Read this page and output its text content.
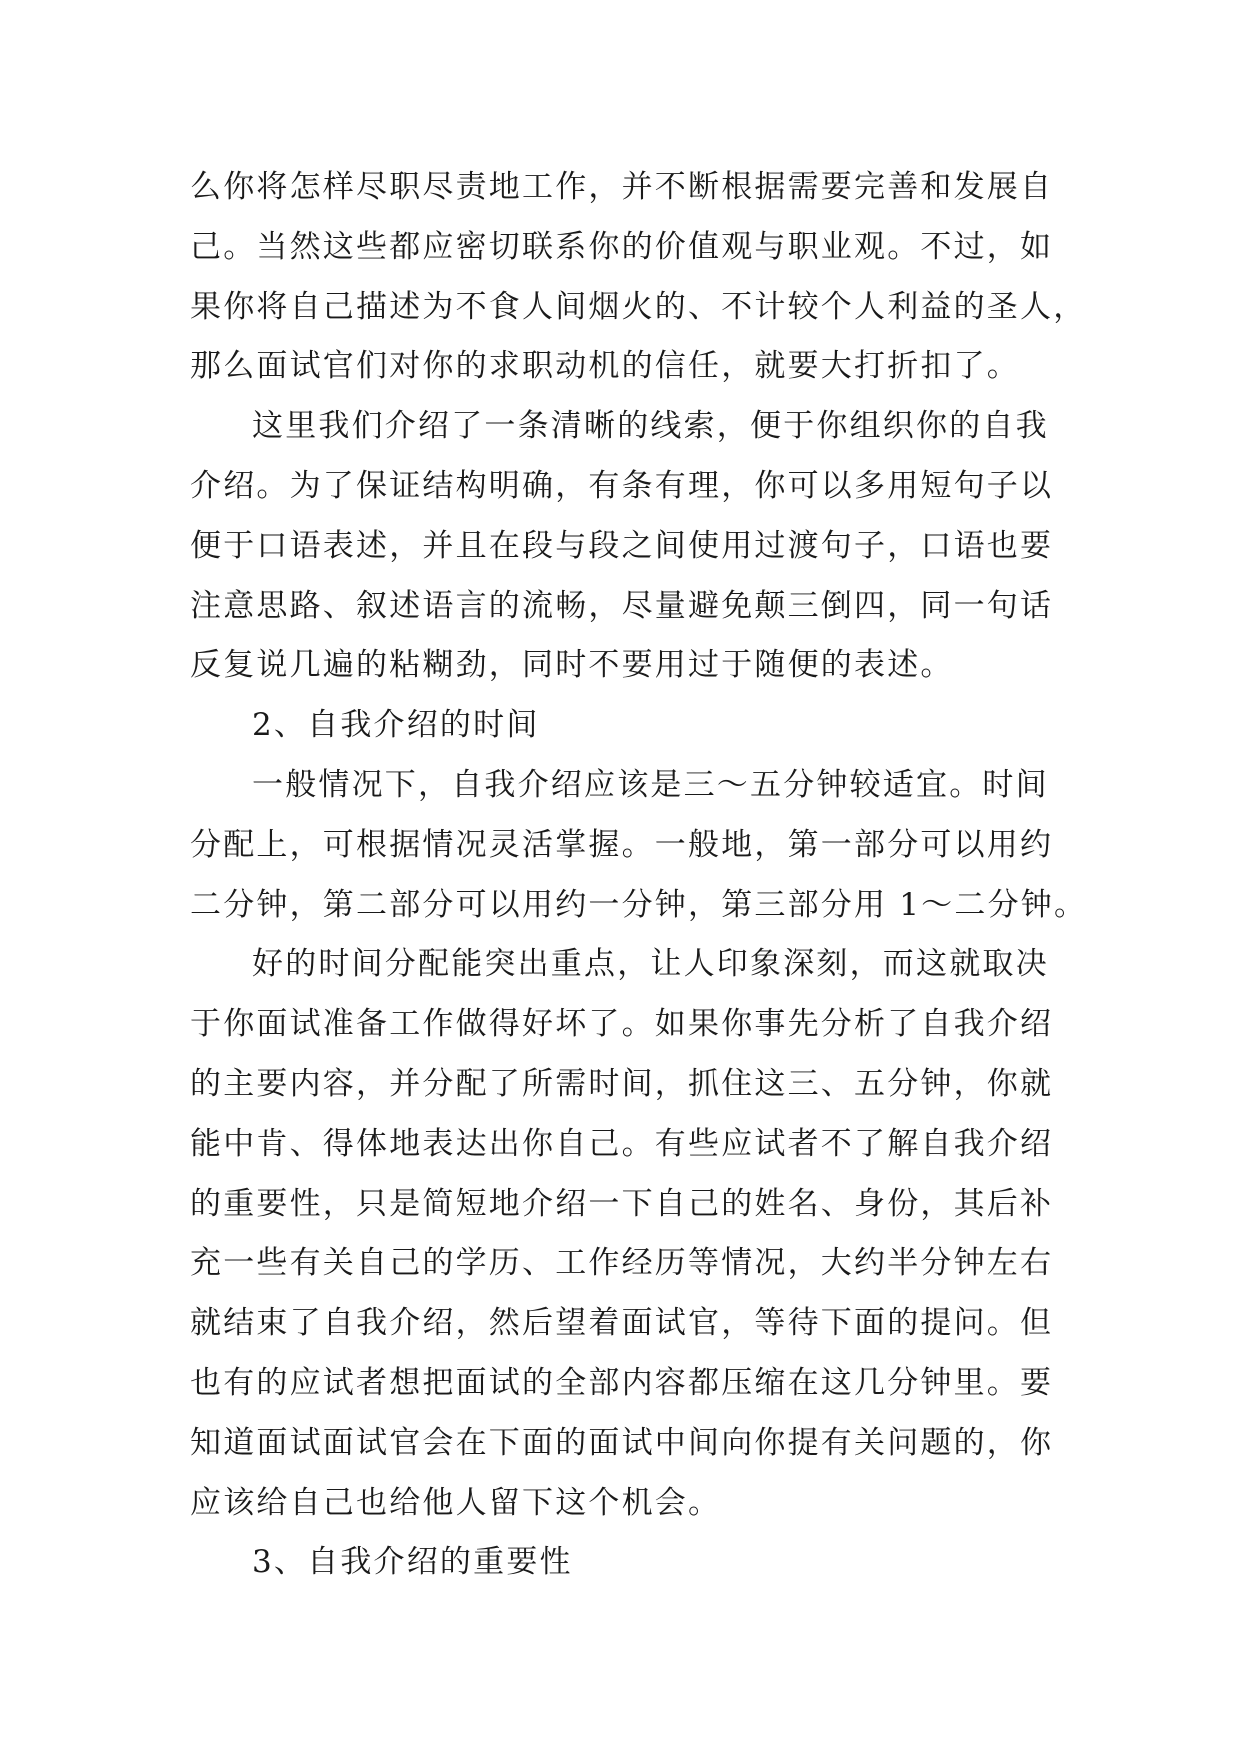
么你将怎样尽职尽责地工作，并不断根据需要完善和发展自
己。当然这些都应密切联系你的价值观与职业观。不过，如
果你将自己描述为不食人间烟火的、不计较个人利益的圣人，
那么面试官们对你的求职动机的信任，就要大打折扣了。
这里我们介绍了一条清晰的线索，便于你组织你的自我
介绍。为了保证结构明确，有条有理，你可以多用短句子以
便于口语表述，并且在段与段之间使用过渡句子，口语也要
注意思路、叙述语言的流畅，尽量避免颠三倒四，同一句话
反复说几遍的粘糊劲，同时不要用过于随便的表述。
2、自我介绍的时间
一般情况下，自我介绍应该是三～五分钟较适宜。时间
分配上，可根据情况灵活掌握。一般地，第一部分可以用约
二分钟，第二部分可以用约一分钟，第三部分用 1～二分钟。
好的时间分配能突出重点，让人印象深刻，而这就取决
于你面试准备工作做得好坏了。如果你事先分析了自我介绍
的主要内容，并分配了所需时间，抓住这三、五分钟，你就
能中肯、得体地表达出你自己。有些应试者不了解自我介绍
的重要性，只是简短地介绍一下自己的姓名、身份，其后补
充一些有关自己的学历、工作经历等情况，大约半分钟左右
就结束了自我介绍，然后望着面试官，等待下面的提问。但
也有的应试者想把面试的全部内容都压缩在这几分钟里。要
知道面试面试官会在下面的面试中间向你提有关问题的，你
应该给自己也给他人留下这个机会。
3、自我介绍的重要性
